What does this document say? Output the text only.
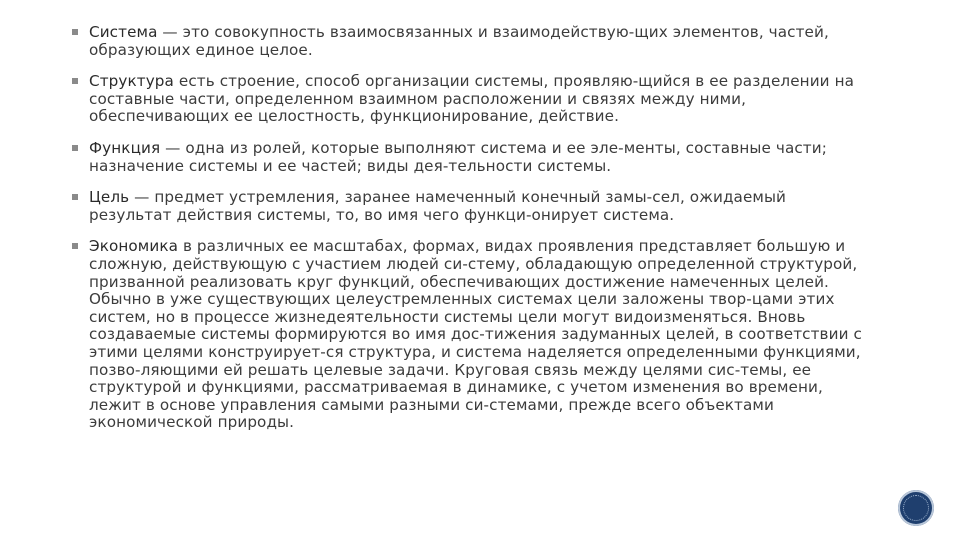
Система — это совокупность взаимосвязанных и взаимодействую-щих элементов, частей, образующих единое целое.
Структура есть строение, способ организации системы, проявляю-щийся в ее разделении на составные части, определенном взаимном расположении и связях между ними, обеспечивающих ее целостность, функционирование, действие.
Функция — одна из ролей, которые выполняют система и ее эле-менты, составные части; назначение системы и ее частей; виды дея-тельности системы.
Цель — предмет устремления, заранее намеченный конечный замы-сел, ожидаемый результат действия системы, то, во имя чего функци-онирует система.
Экономика в различных ее масштабах, формах, видах проявления представляет большую и сложную, действующую с участием людей си-стему, обладающую определенной структурой, призванной реализовать круг функций, обеспечивающих достижение намеченных целей. Обычно в уже существующих целеустремленных системах цели заложены твор-цами этих систем, но в процессе жизнедеятельности системы цели могут видоизменяться. Вновь создаваемые системы формируются во имя дос-тижения задуманных целей, в соответствии с этими целями конструирует-ся структура, и система наделяется определенными функциями, позво-ляющими ей решать целевые задачи. Круговая связь между целями сис-темы, ее структурой и функциями, рассматриваемая в динамике, с учетом изменения во времени, лежит в основе управления самыми разными си-стемами, прежде всего объектами экономической природы.
